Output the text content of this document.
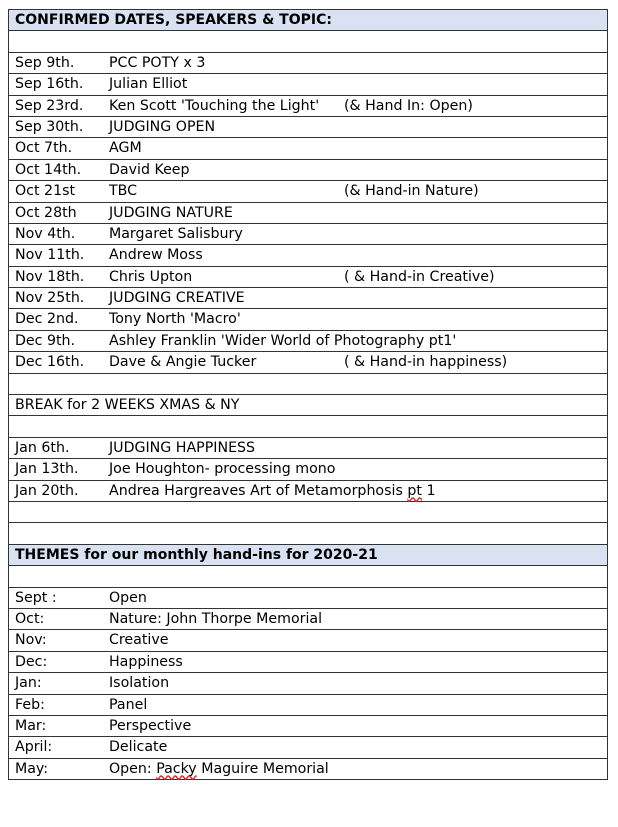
CONFIRMED DATES, SPEAKERS & TOPIC:
Sep 9th. PCC POTY x 3
Sep 16th. Julian Elliot
Sep 23rd. Ken Scott 'Touching the Light' (& Hand In: Open)
Sep 30th. JUDGING OPEN
Oct 7th.	AGM
Oct 14th. David Keep
Oct 21st TBC	(& Hand-in Nature)
Oct 28th JUDGING NATURE
Nov 4th. Margaret Salisbury
Nov 11th. Andrew Moss
Nov 18th. Chris Upton	( & Hand-in Creative)
Nov 25th. JUDGING CREATIVE
Dec 2nd. Tony North 'Macro'
Dec 9th. Ashley Franklin 'Wider World of Photography pt1'
Dec 16th. Dave & Angie Tucker	( & Hand-in happiness)
BREAK for 2 WEEKS XMAS & NY
Jan 6th.	JUDGING HAPPINESS
Jan 13th. Joe Houghton- processing mono
Jan 20th. Andrea Hargreaves Art of Metamorphosis pt 1
THEMES for our monthly hand-ins for 2020-21
Sept :	Open
Oct:	Nature: John Thorpe Memorial
Nov:	Creative
Dec:	Happiness
Jan:	Isolation
Feb:	Panel
Mar:	Perspective
April:	Delicate
May:	Open: Packy Maguire Memorial
